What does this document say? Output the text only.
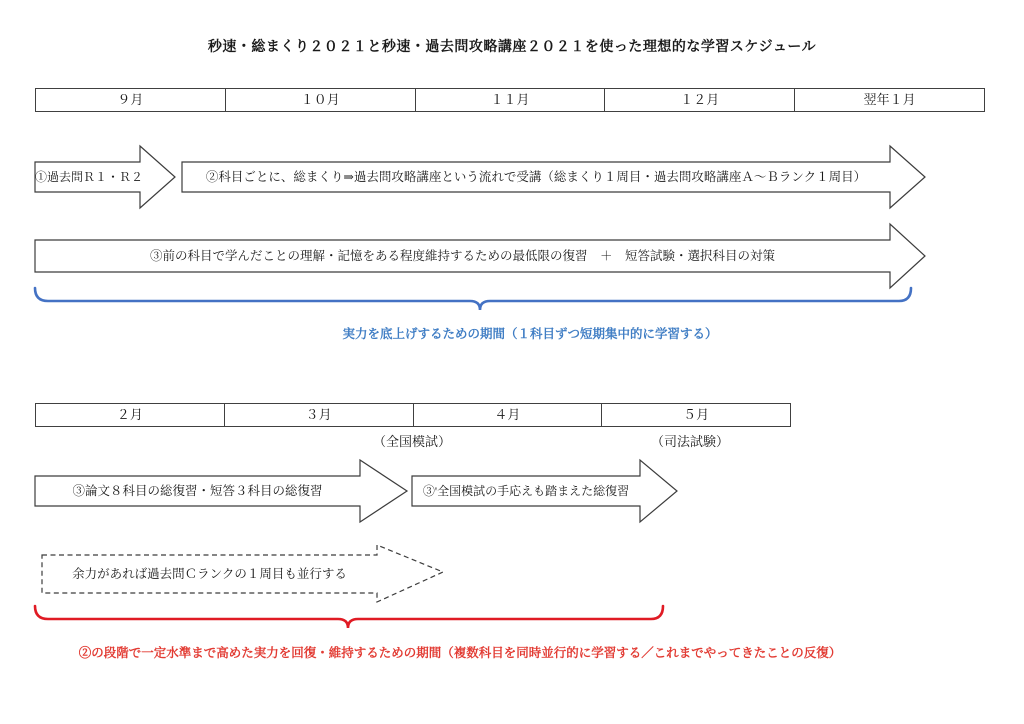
秒速・総まくり２０２１と秒速・過去問攻略講座２０２１を使った理想的な学習スケジュール
９月	１０月	１１月	１２月	翌年１月
①過去問Ｒ１・Ｒ２	②科目ごとに、総まくり⇒過去問攻略講座という流れで受講（総まくり１周目・過去問攻略講座Ａ〜Ｂランク１周目）
③前の科目で学んだことの理解・記憶をある程度維持するための最低限の復習　＋　短答試験・選択科目の対策
実力を底上げするための期間（１科目ずつ短期集中的に学習する）
２月	３月	４月	５月
（全国模試）	（司法試験）
③論文８科目の総復習・短答３科目の総復習	③'全国模試の手応えも踏まえた総復習
余力があれば過去問Ｃランクの１周目も並行する
②の段階で一定水準まで高めた実力を回復・維持するための期間（複数科目を同時並行的に学習する／これまでやってきたことの反復）
